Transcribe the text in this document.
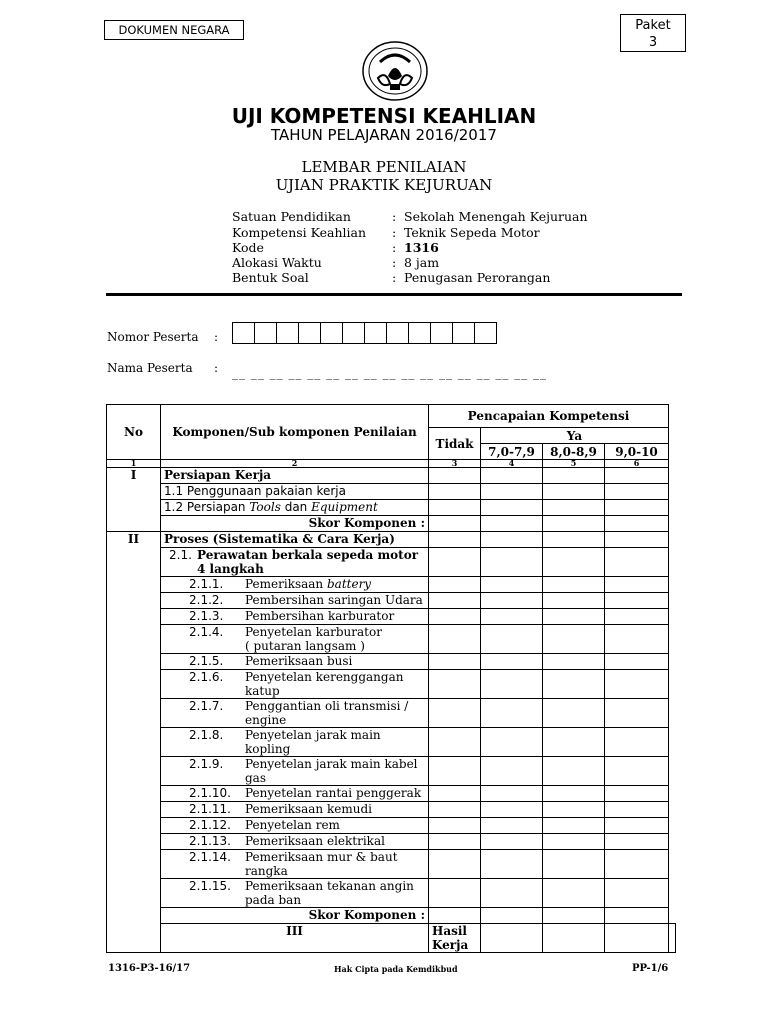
DOKUMEN NEGARA	Paket
3
UJI KOMPETENSI KEAHLIAN
TAHUN PELAJARAN 2016/2017
LEMBAR PENILAIAN
UJIAN PRAKTIK KEJURUAN
Satuan Pendidikan	: Sekolah Menengah Kejuruan
Kompetensi Keahlian : Teknik Sepeda Motor
Kode	: 1316
Alokasi Waktu	: 8 jam
Bentuk Soal	: Penugasan Perorangan
Nomor Peserta :
Nama Peserta : __ __ __ __ __ __ __ __ __ __ __ __ __ __ __ __ __
No	Komponen/Sub komponen Penilaian	Pencapaian Kompetensi				
		Tidak	Ya			
			7,0-7,9	8,0-8,9	9,0-10	
1	2	3	4	5	6	
I	Persiapan Kerja					
	1.1 Penggunaan pakaian kerja					
	1.2 Persiapan Tools dan Equipment					
	Skor Komponen :					
II	Proses (Sistematika & Cara Kerja)					
	2.1. Perawatan berkala sepeda motor
4 langkah					
	2.1.1. Pemeriksaan battery					
	2.1.2. Pembersihan saringan Udara					
	2.1.3. Pembersihan karburator					
	2.1.4. Penyetelan karburator
( putaran langsam )					

	2.1.5. Pemeriksaan busi					
	2.1.6. Penyetelan kerenggangan
katup					

	2.1.7. Penggantian oli transmisi /
engine					

	2.1.8. Penyetelan jarak main
kopling					

	2.1.9. Penyetelan jarak main kabel
gas					

	2.1.10. Penyetelan rantai penggerak					
	2.1.11. Pemeriksaan kemudi					
	2.1.12. Penyetelan rem					
	2.1.13. Pemeriksaan elektrikal					
	2.1.14. Pemeriksaan mur & baut
rangka					

	2.1.15. Pemeriksaan tekanan angin
pada ban					

	Skor Komponen :					
	III	Hasil Kerja				
1316-P3-16/17	Hak Cipta pada Kemdikbud	PP-1/6
